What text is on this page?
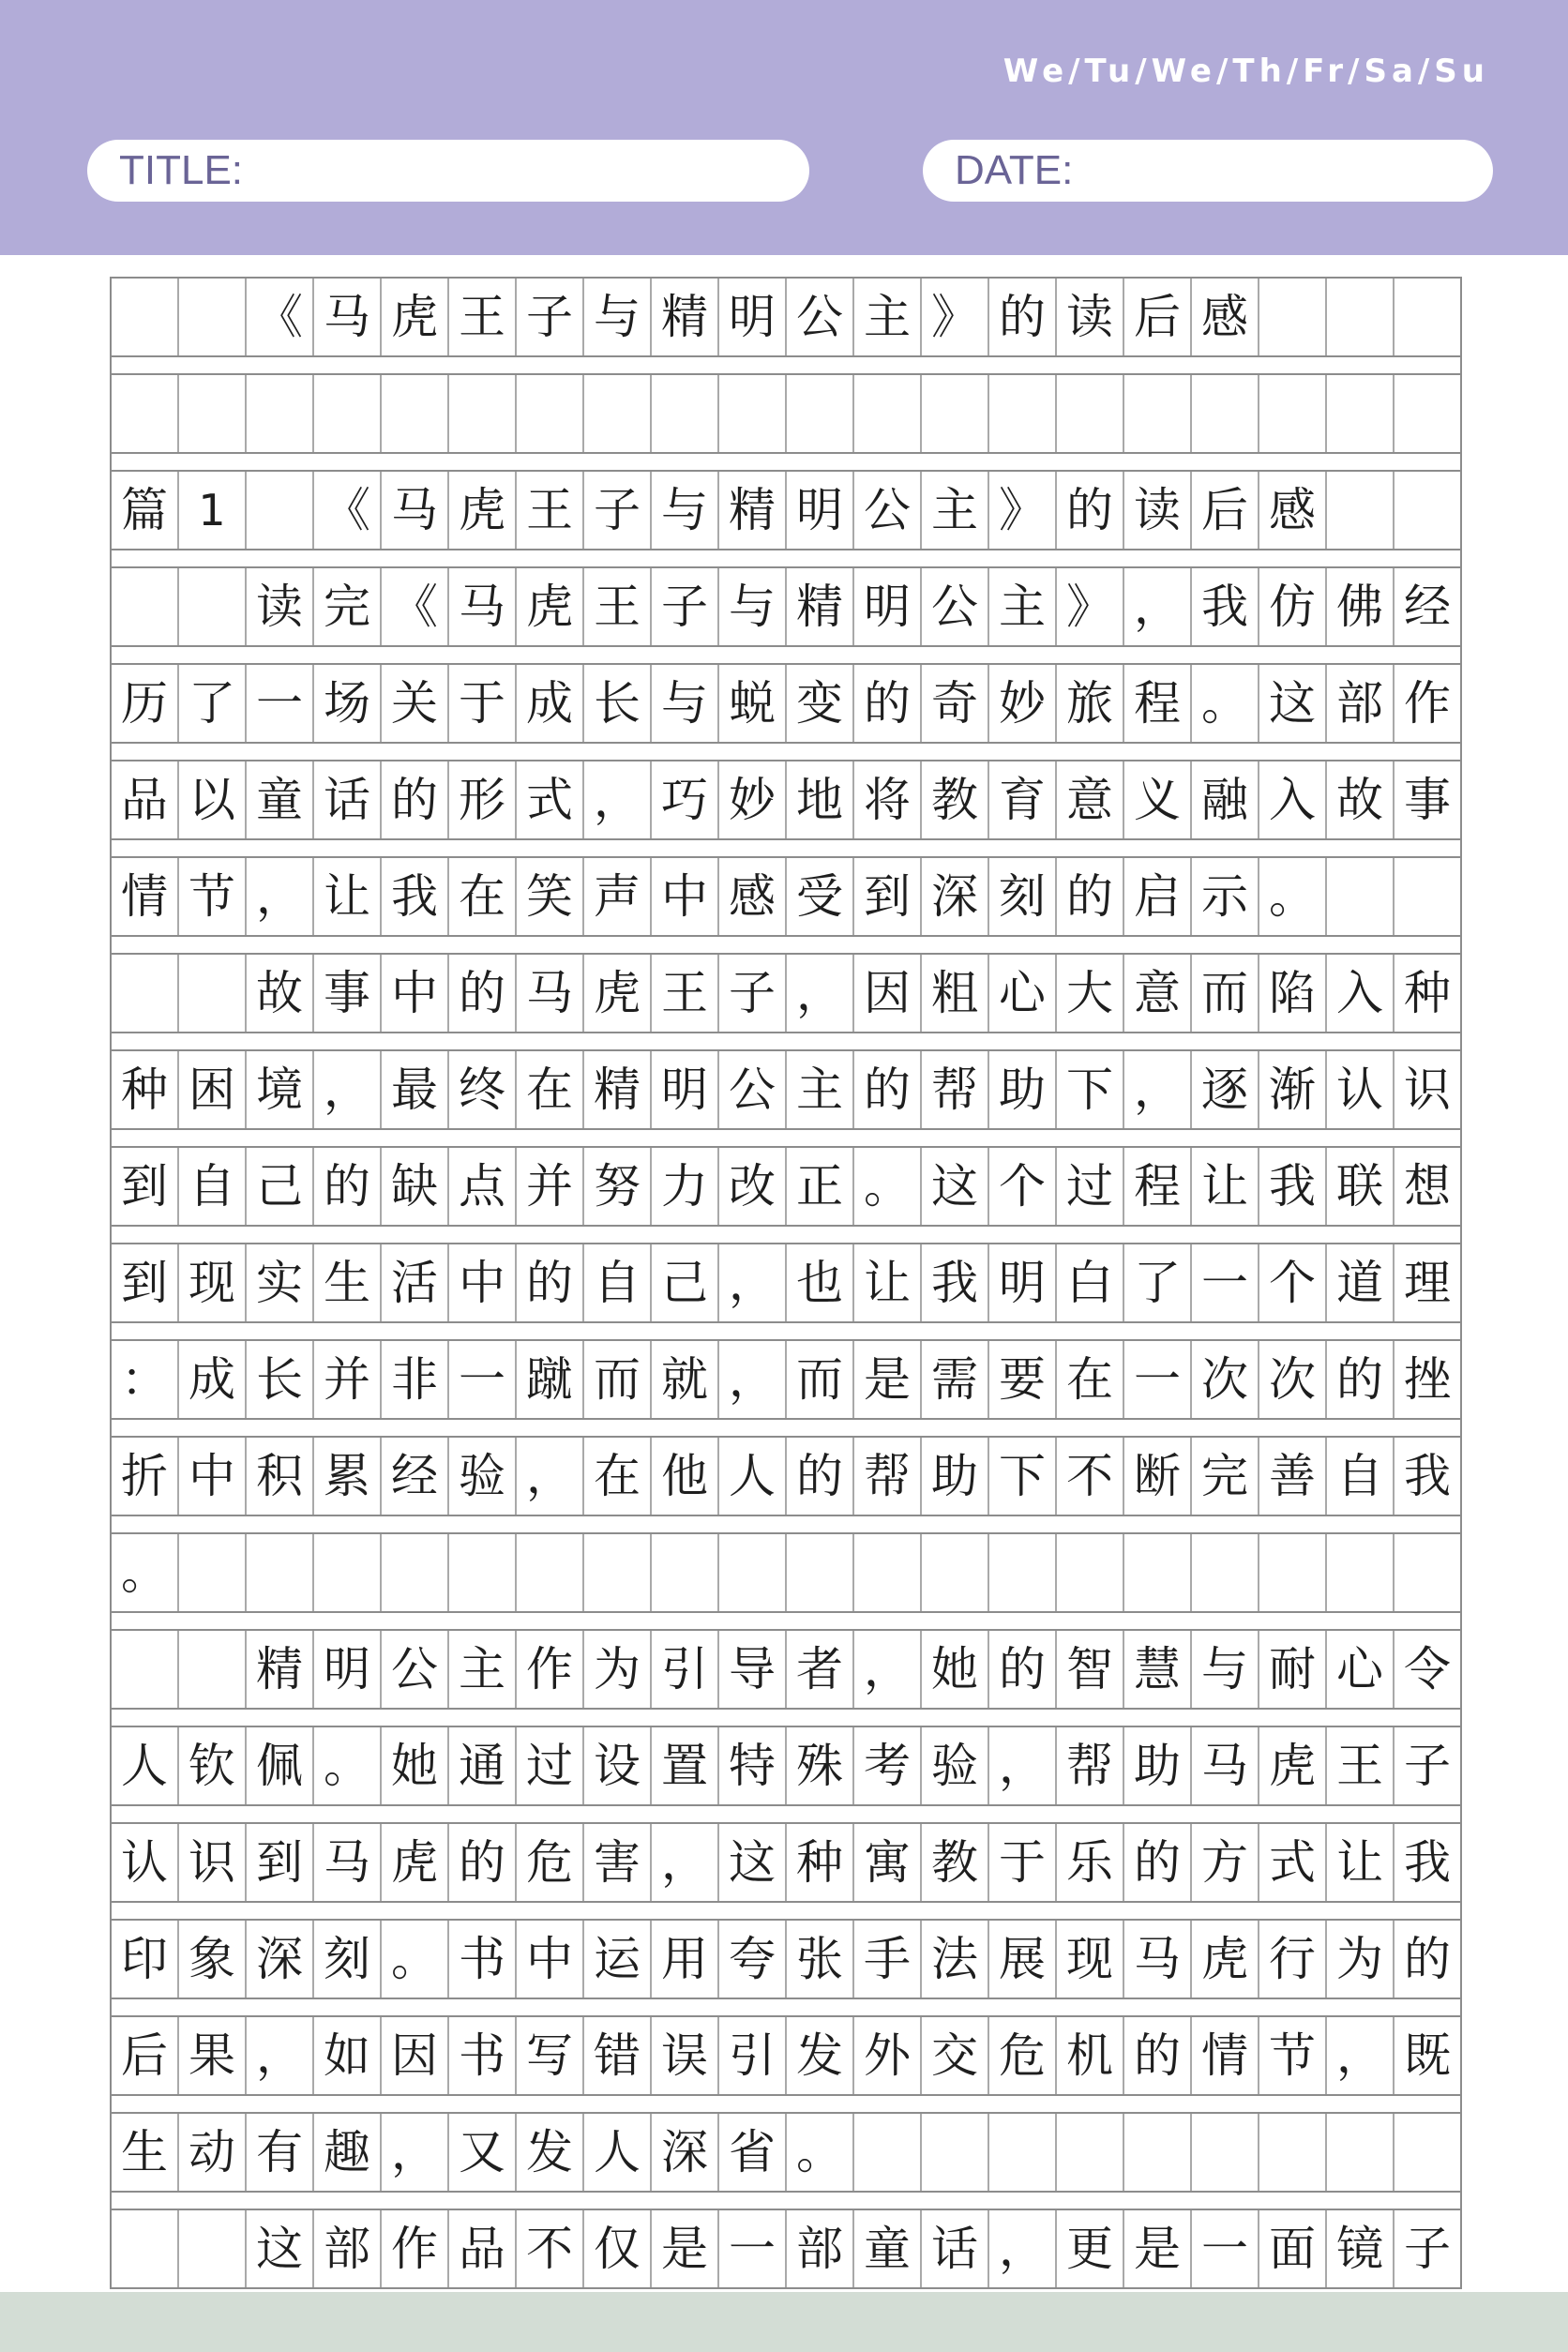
We/Tu/We/Th/Fr/Sa/Su
TITLE:	DATE:

《 马 虎 王 子 与 精 明 公 主 》 的 读 后 感
篇 1
	《 马 虎 王 子 与 精 明 公 主 》 的 读 后 感

读 完 《 马 虎 王 子 与 精 明 公 主 》 ， 我 仿 佛 经
历 了 一 场 关 于 成 长 与 蜕 变 的 奇 妙 旅 程 。 这 部 作
品 以 童 话 的 形 式 ， 巧 妙 地 将 教 育 意 义 融 入 故 事
情 节 ， 让 我 在 笑 声 中 感 受 到 深 刻 的 启 示 。

故 事 中 的 马 虎 王 子 ， 因 粗 心 大 意 而 陷 入 种
种 困 境 ， 最 终 在 精 明 公 主 的 帮 助 下 ， 逐 渐 认 识
到 自 己 的 缺 点 并 努 力 改 正 。 这 个 过 程 让 我 联 想
到 现 实 生 活 中 的 自 己 ， 也 让 我 明 白 了 一 个 道 理
： 成 长 并 非 一 蹴 而 就 ， 而 是 需 要 在 一 次 次 的 挫
折 中 积 累 经 验 ， 在 他 人 的 帮 助 下 不 断 完 善 自 我
。

精 明 公 主 作 为 引 导 者 ， 她 的 智 慧 与 耐 心 令
人 钦 佩 。 她 通 过 设 置 特 殊 考 验 ， 帮 助 马 虎 王 子
认 识 到 马 虎 的 危 害 ， 这 种 寓 教 于 乐 的 方 式 让 我
印 象 深 刻 。 书 中 运 用 夸 张 手 法 展 现 马 虎 行 为 的
后 果 ， 如 因 书 写 错 误 引 发 外 交 危 机 的 情 节 ， 既
生 动 有 趣 ， 又 发 人 深 省 。

这 部 作 品 不 仅 是 一 部 童 话 ， 更 是 一 面 镜 子
